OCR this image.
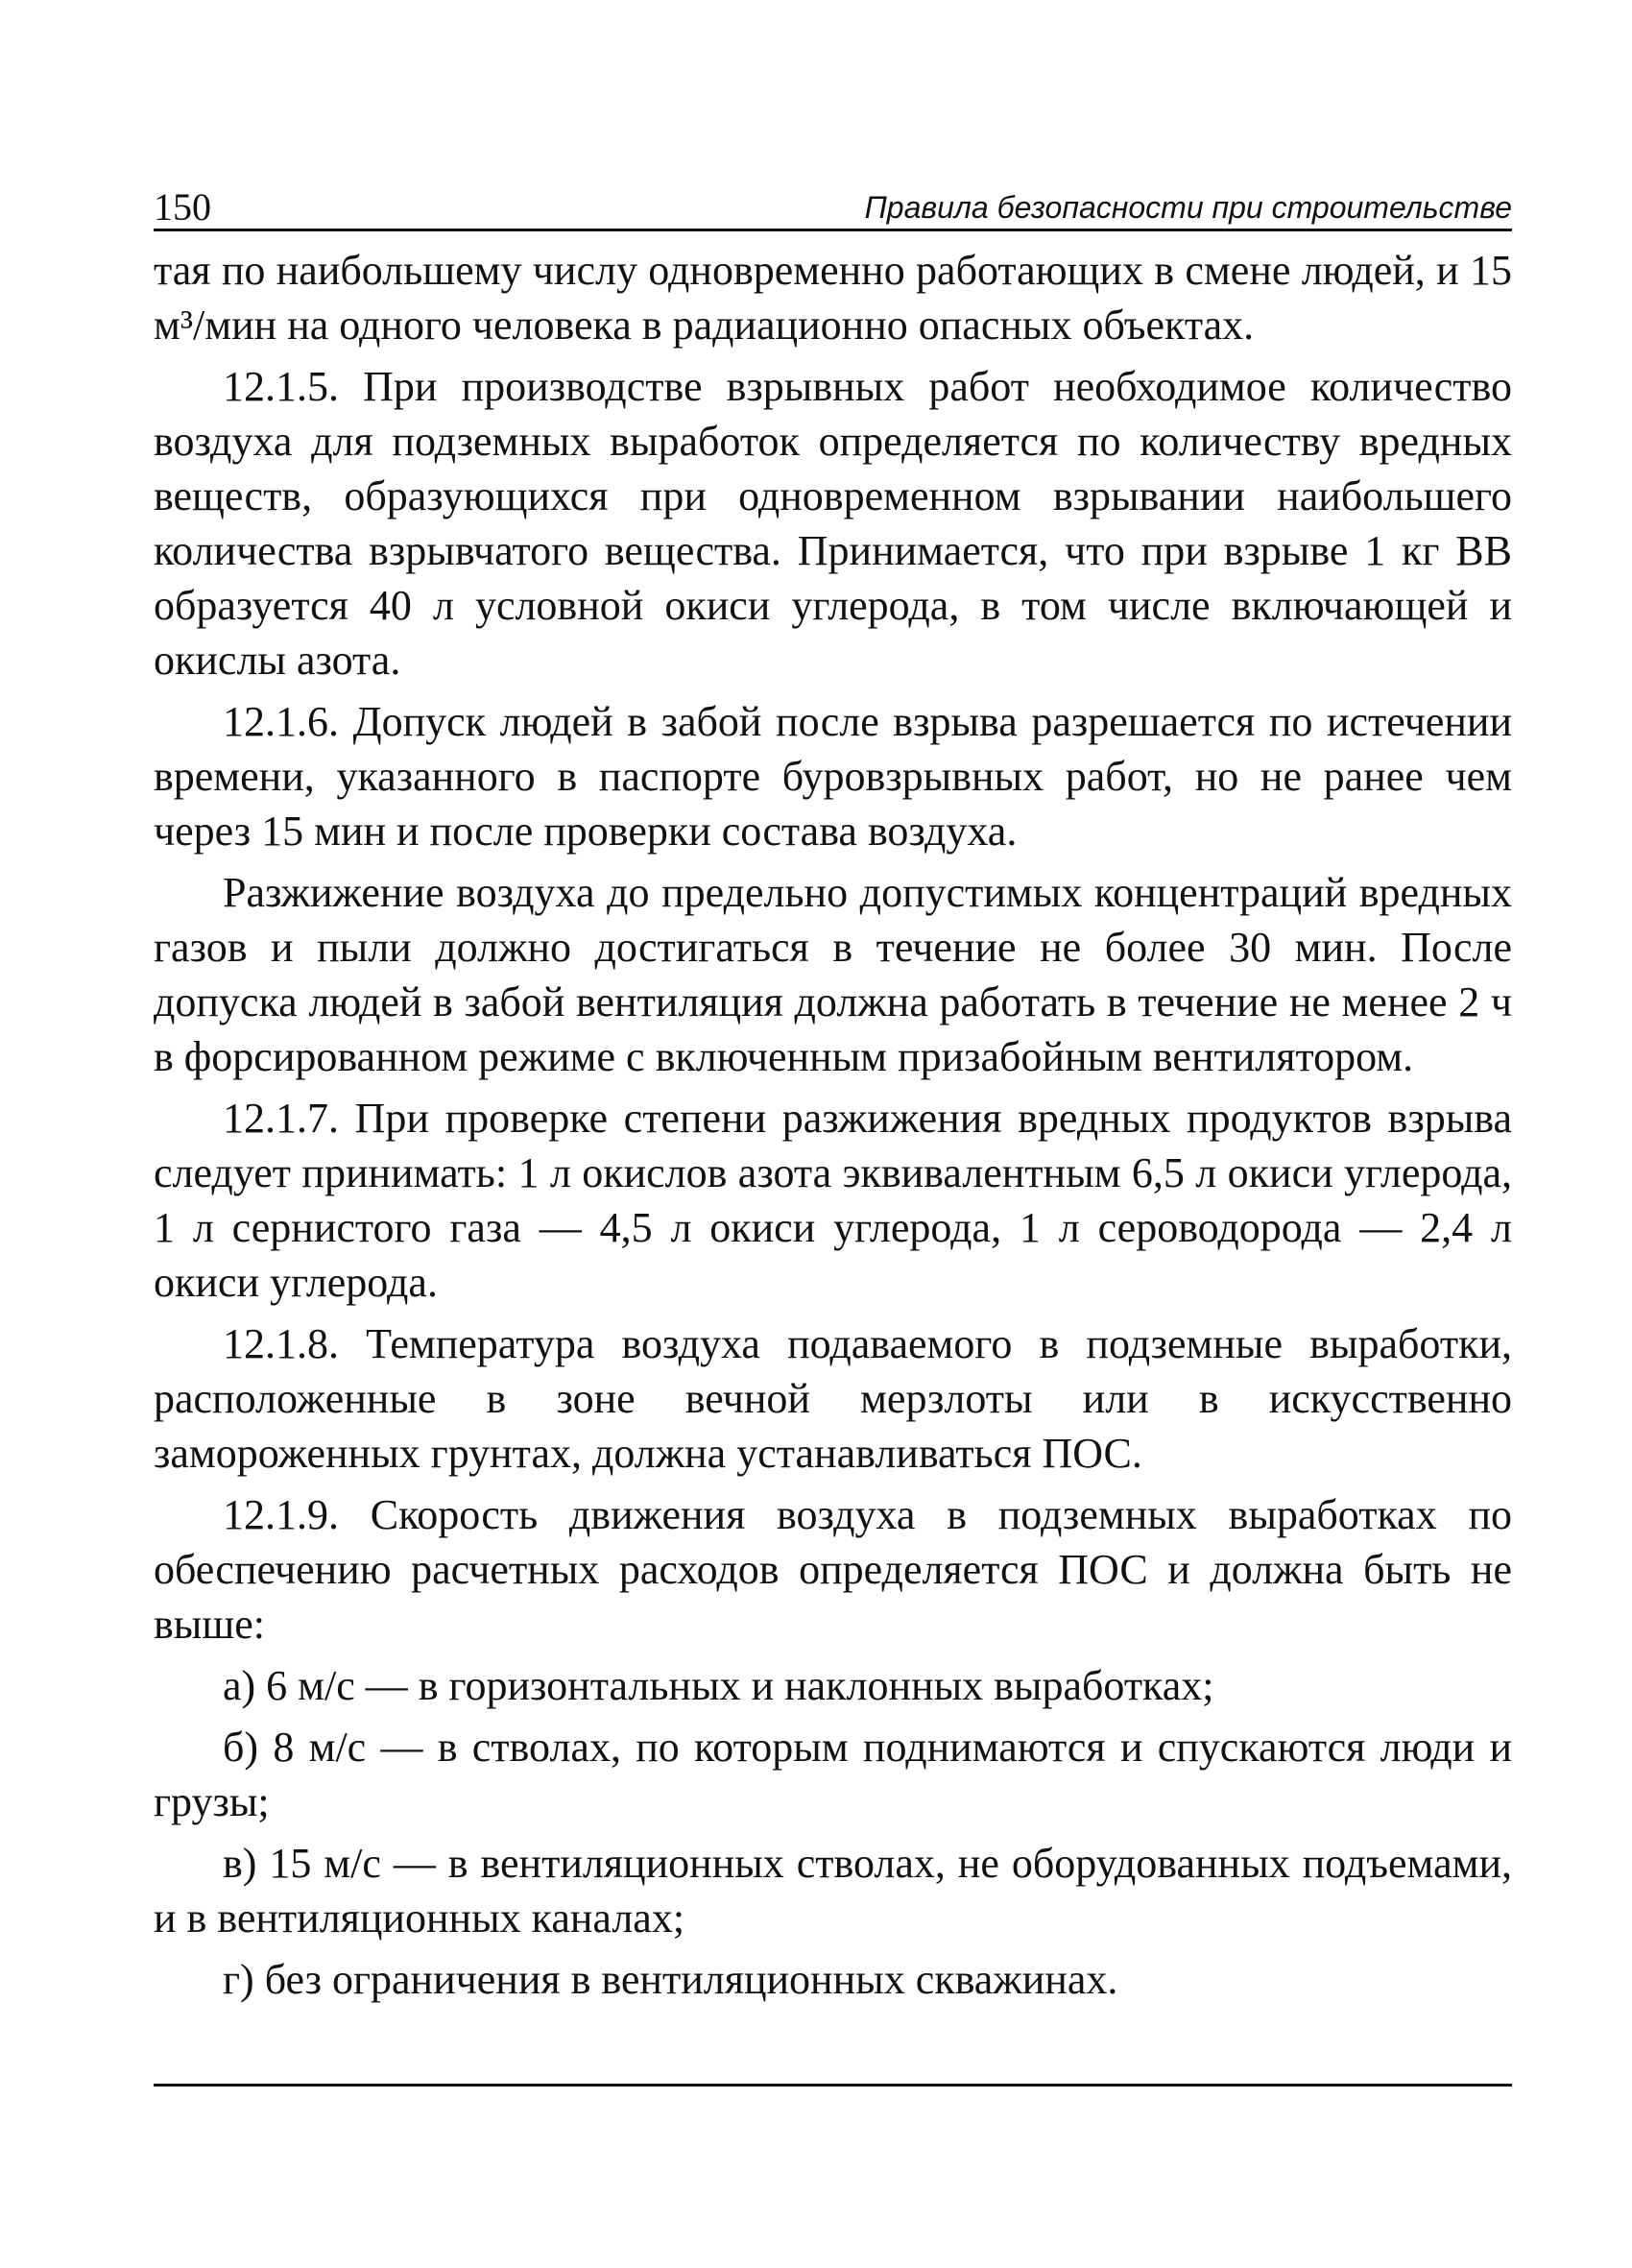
150	Правила безопасности при строительстве

тая по наибольшему числу одновременно работающих в смене людей, и 15 м³/мин на одного человека в радиационно опасных объектах.

12.1.5. При производстве взрывных работ необходимое количество воздуха для подземных выработок определяется по количеству вредных веществ, образующихся при одновременном взрывании наибольшего количества взрывчатого вещества. Принимается, что при взрыве 1 кг ВВ образуется 40 л условной окиси углерода, в том числе включающей и окислы азота.

12.1.6. Допуск людей в забой после взрыва разрешается по истечении времени, указанного в паспорте буровзрывных работ, но не ранее чем через 15 мин и после проверки состава воздуха.

Разжижение воздуха до предельно допустимых концентраций вредных газов и пыли должно достигаться в течение не более 30 мин. После допуска людей в забой вентиляция должна работать в течение не менее 2 ч в форсированном режиме с включенным призабойным вентилятором.

12.1.7. При проверке степени разжижения вредных продуктов взрыва следует принимать: 1 л окислов азота эквивалентным 6,5 л окиси углерода, 1 л сернистого газа — 4,5 л окиси углерода, 1 л сероводорода — 2,4 л окиси углерода.

12.1.8. Температура воздуха подаваемого в подземные выработки, расположенные в зоне вечной мерзлоты или в искусственно замороженных грунтах, должна устанавливаться ПОС.

12.1.9. Скорость движения воздуха в подземных выработках по обеспечению расчетных расходов определяется ПОС и должна быть не выше:

а) 6 м/с — в горизонтальных и наклонных выработках;

б) 8 м/с — в стволах, по которым поднимаются и спускаются люди и грузы;

в) 15 м/с — в вентиляционных стволах, не оборудованных подъемами, и в вентиляционных каналах;

г) без ограничения в вентиляционных скважинах.
